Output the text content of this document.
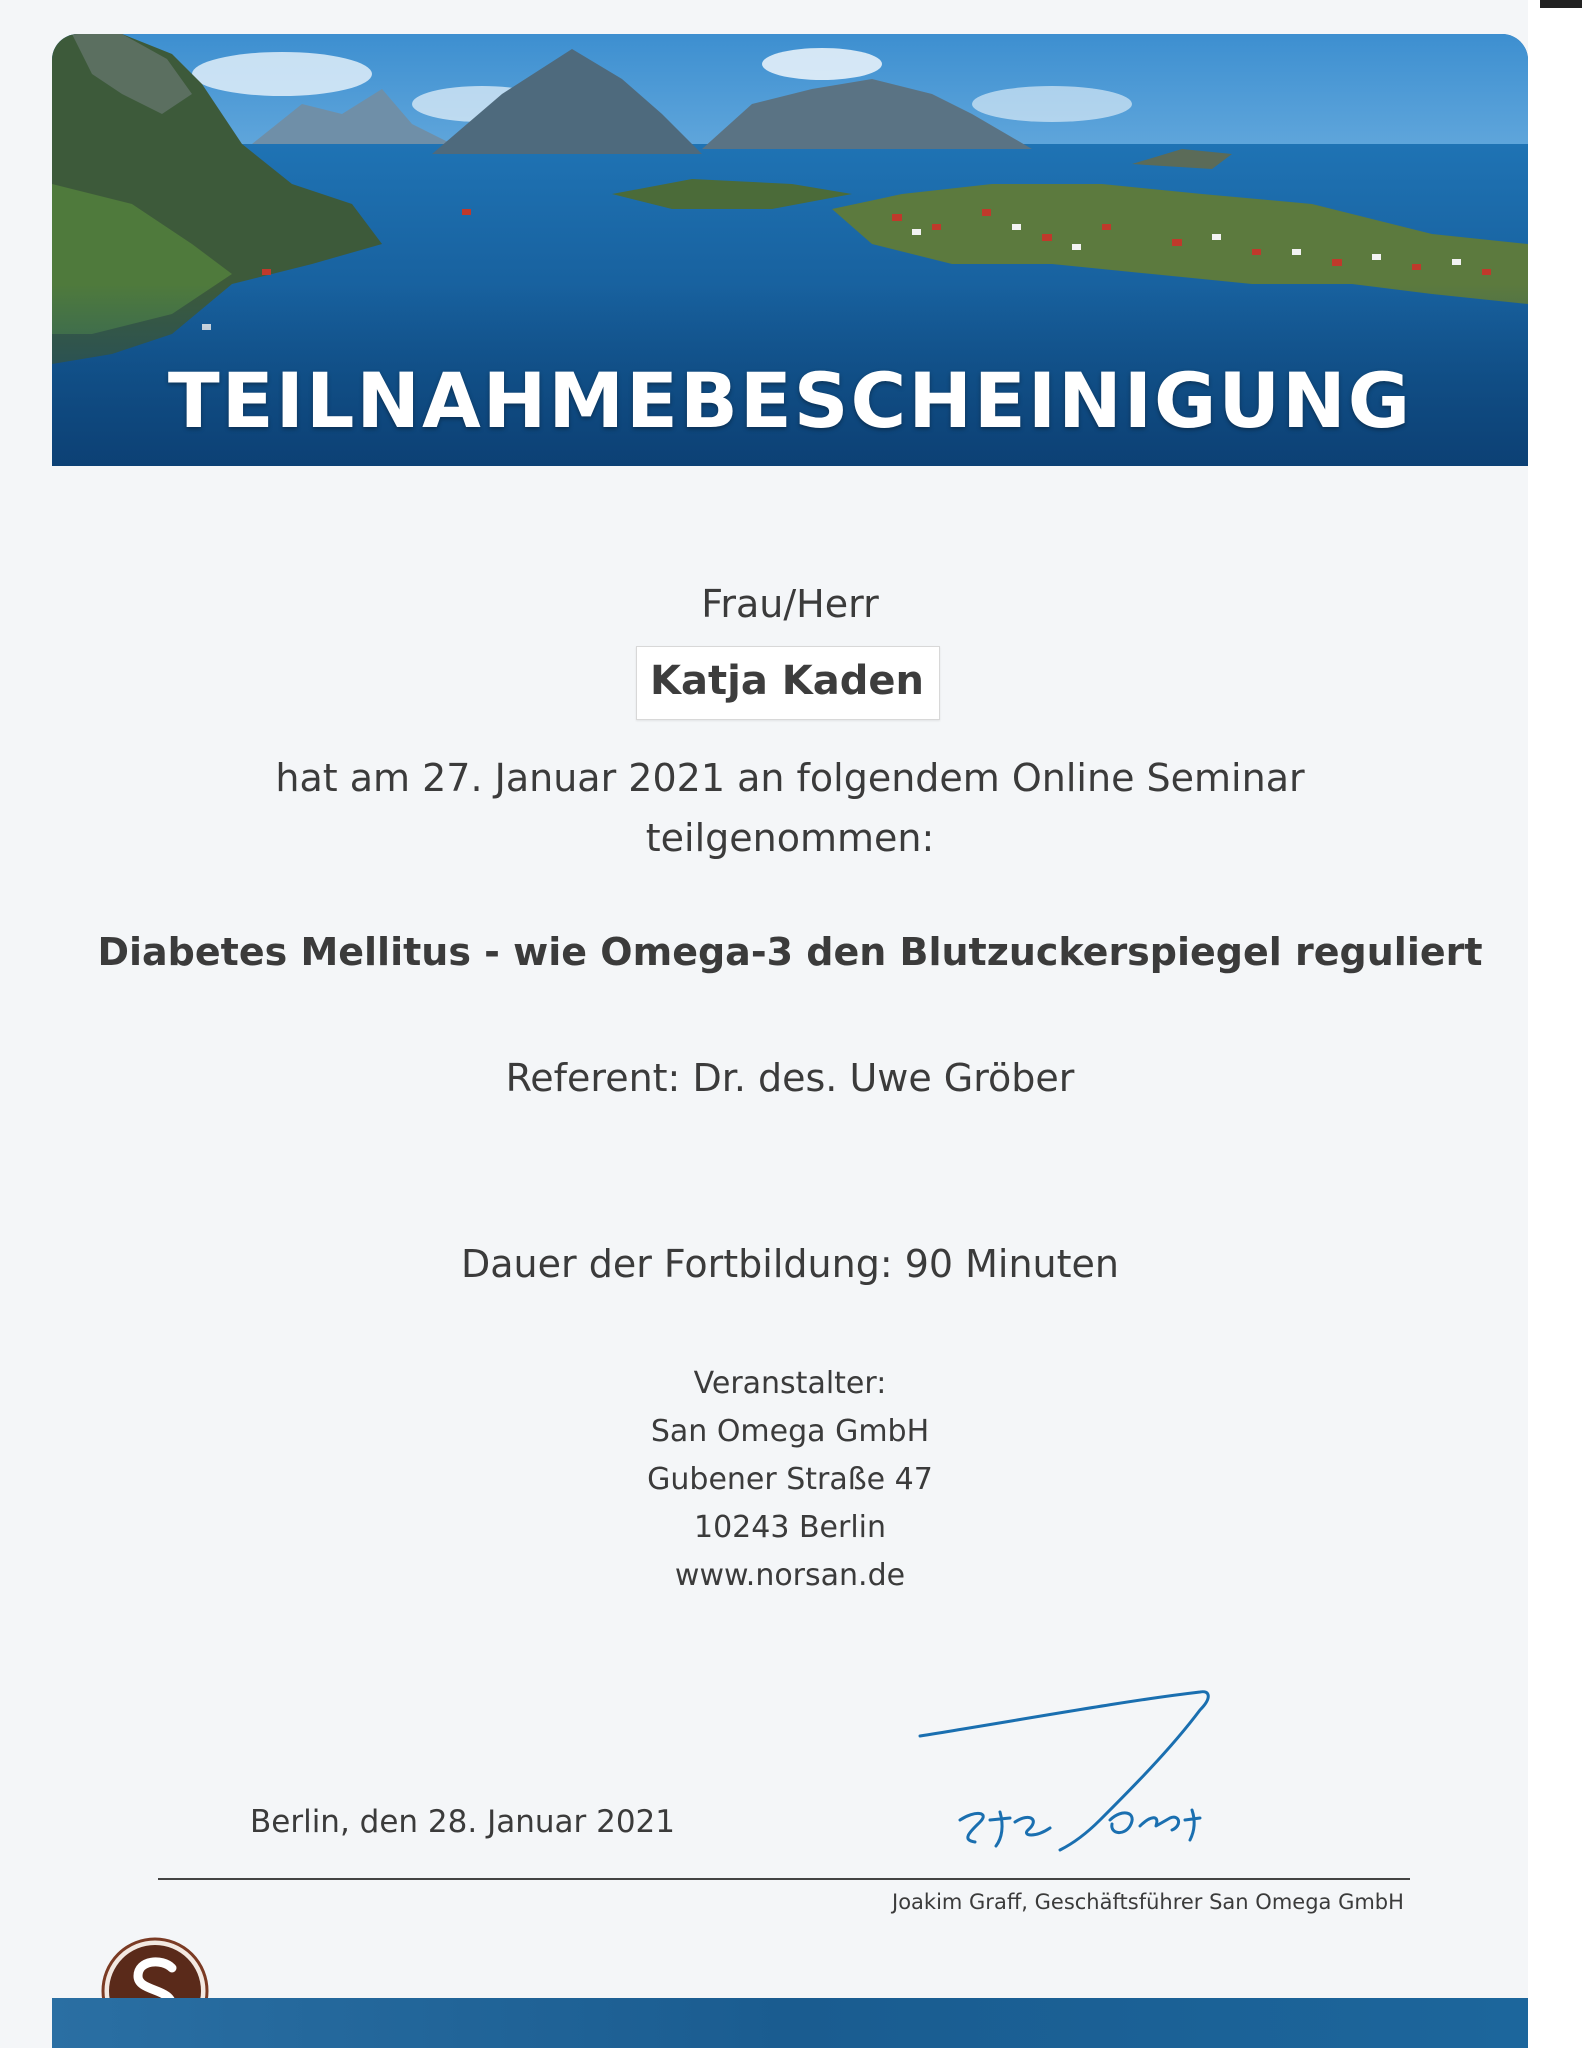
TEILNAHMEBESCHEINIGUNG
Frau/Herr
Katja Kaden
hat am 27. Januar 2021 an folgendem Online Seminar
teilgenommen:
Diabetes Mellitus - wie Omega-3 den Blutzuckerspiegel reguliert
Referent: Dr. des. Uwe Gröber
Dauer der Fortbildung: 90 Minuten
Veranstalter:
San Omega GmbH
Gubener Straße 47
10243 Berlin
www.norsan.de
Berlin, den 28. Januar 2021
Joakim Graff, Geschäftsführer San Omega GmbH
